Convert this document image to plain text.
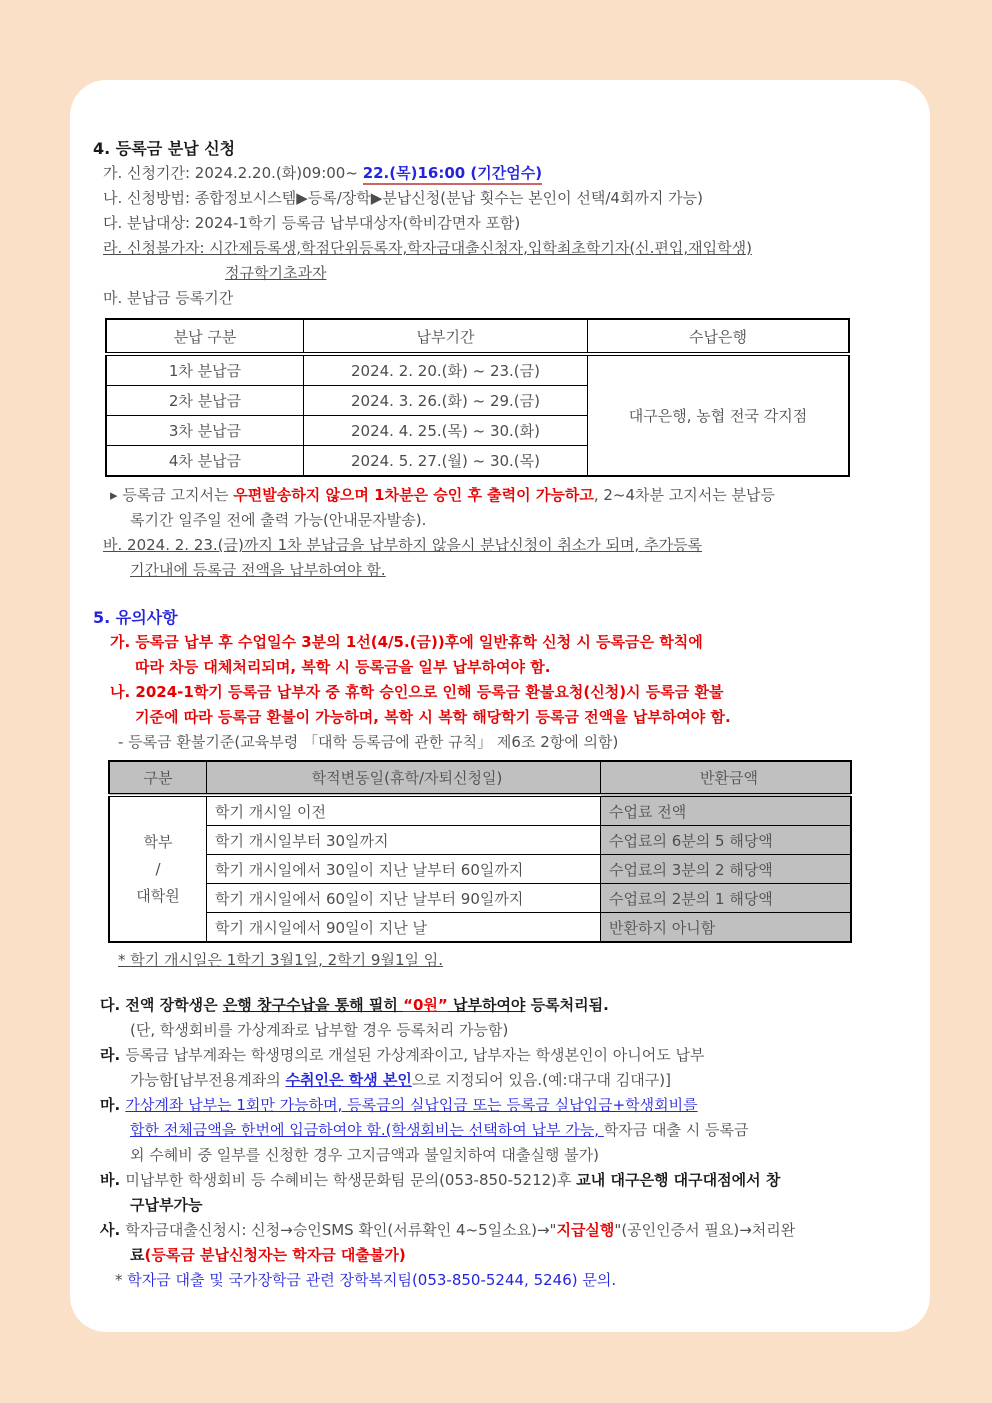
4. 등록금 분납 신청
가. 신청기간: 2024.2.20.(화)09:00~ 22.(목)16:00 (기간엄수)
나. 신청방법: 종합정보시스템▶등록/장학▶분납신청(분납 횟수는 본인이 선택/4회까지 가능)
다. 분납대상: 2024-1학기 등록금 납부대상자(학비감면자 포함)
라. 신청불가자: 시간제등록생,학점단위등록자,학자금대출신청자,입학최초학기자(신.편입,재입학생)
정규학기초과자
마. 분납금 등록기간
분납 구분	납부기간	수납은행
1차 분납금	2024. 2. 20.(화) ~ 23.(금)	대구은행, 농협 전국 각지점
2차 분납금	2024. 3. 26.(화) ~ 29.(금)	
3차 분납금	2024. 4. 25.(목) ~ 30.(화)	
4차 분납금	2024. 5. 27.(월) ~ 30.(목)	
▸ 등록금 고지서는 우편발송하지 않으며 1차분은 승인 후 출력이 가능하고, 2~4차분 고지서는 분납등
록기간 일주일 전에 출력 가능(안내문자발송).
바. 2024. 2. 23.(금)까지 1차 분납금을 납부하지 않을시 분납신청이 취소가 되며, 추가등록
기간내에 등록금 전액을 납부하여야 함.
5. 유의사항
가. 등록금 납부 후 수업일수 3분의 1선(4/5.(금))후에 일반휴학 신청 시 등록금은 학칙에
따라 차등 대체처리되며, 복학 시 등록금을 일부 납부하여야 함.
나. 2024-1학기 등록금 납부자 중 휴학 승인으로 인해 등록금 환불요청(신청)시 등록금 환불
기준에 따라 등록금 환불이 가능하며, 복학 시 복학 해당학기 등록금 전액을 납부하여야 함.
- 등록금 환불기준(교육부령 「대학 등록금에 관한 규칙」 제6조 2항에 의함)
구분	학적변동일(휴학/자퇴신청일)	반환금액

학부
/
대학원	학기 개시일 이전	수업료 전액
	학기 개시일부터 30일까지	수업료의 6분의 5 해당액
	학기 개시일에서 30일이 지난 날부터 60일까지	수업료의 3분의 2 해당액
	학기 개시일에서 60일이 지난 날부터 90일까지	수업료의 2분의 1 해당액
	학기 개시일에서 90일이 지난 날	반환하지 아니함
* 학기 개시일은 1학기 3월1일, 2학기 9월1일 임.
다. 전액 장학생은 은행 창구수납을 통해 필히 “0원” 납부하여야 등록처리됨.
(단, 학생회비를 가상계좌로 납부할 경우 등록처리 가능함)
라. 등록금 납부계좌는 학생명의로 개설된 가상계좌이고, 납부자는 학생본인이 아니어도 납부
가능함[납부전용계좌의 수취인은 학생 본인으로 지정되어 있음.(예:대구대 김대구)]
마. 가상계좌 납부는 1회만 가능하며, 등록금의 실납입금 또는 등록금 실납입금+학생회비를
합한 전체금액을 한번에 입금하여야 함.(학생회비는 선택하여 납부 가능, 학자금 대출 시 등록금
외 수혜비 중 일부를 신청한 경우 고지금액과 불일치하여 대출실행 불가)
바. 미납부한 학생회비 등 수혜비는 학생문화팀 문의(053-850-5212)후 교내 대구은행 대구대점에서 창
구납부가능
사. 학자금대출신청시: 신청→승인SMS 확인(서류확인 4~5일소요)→"지급실행"(공인인증서 필요)→처리완
료(등록금 분납신청자는 학자금 대출불가)
* 학자금 대출 및 국가장학금 관련 장학복지팀(053-850-5244, 5246) 문의.
